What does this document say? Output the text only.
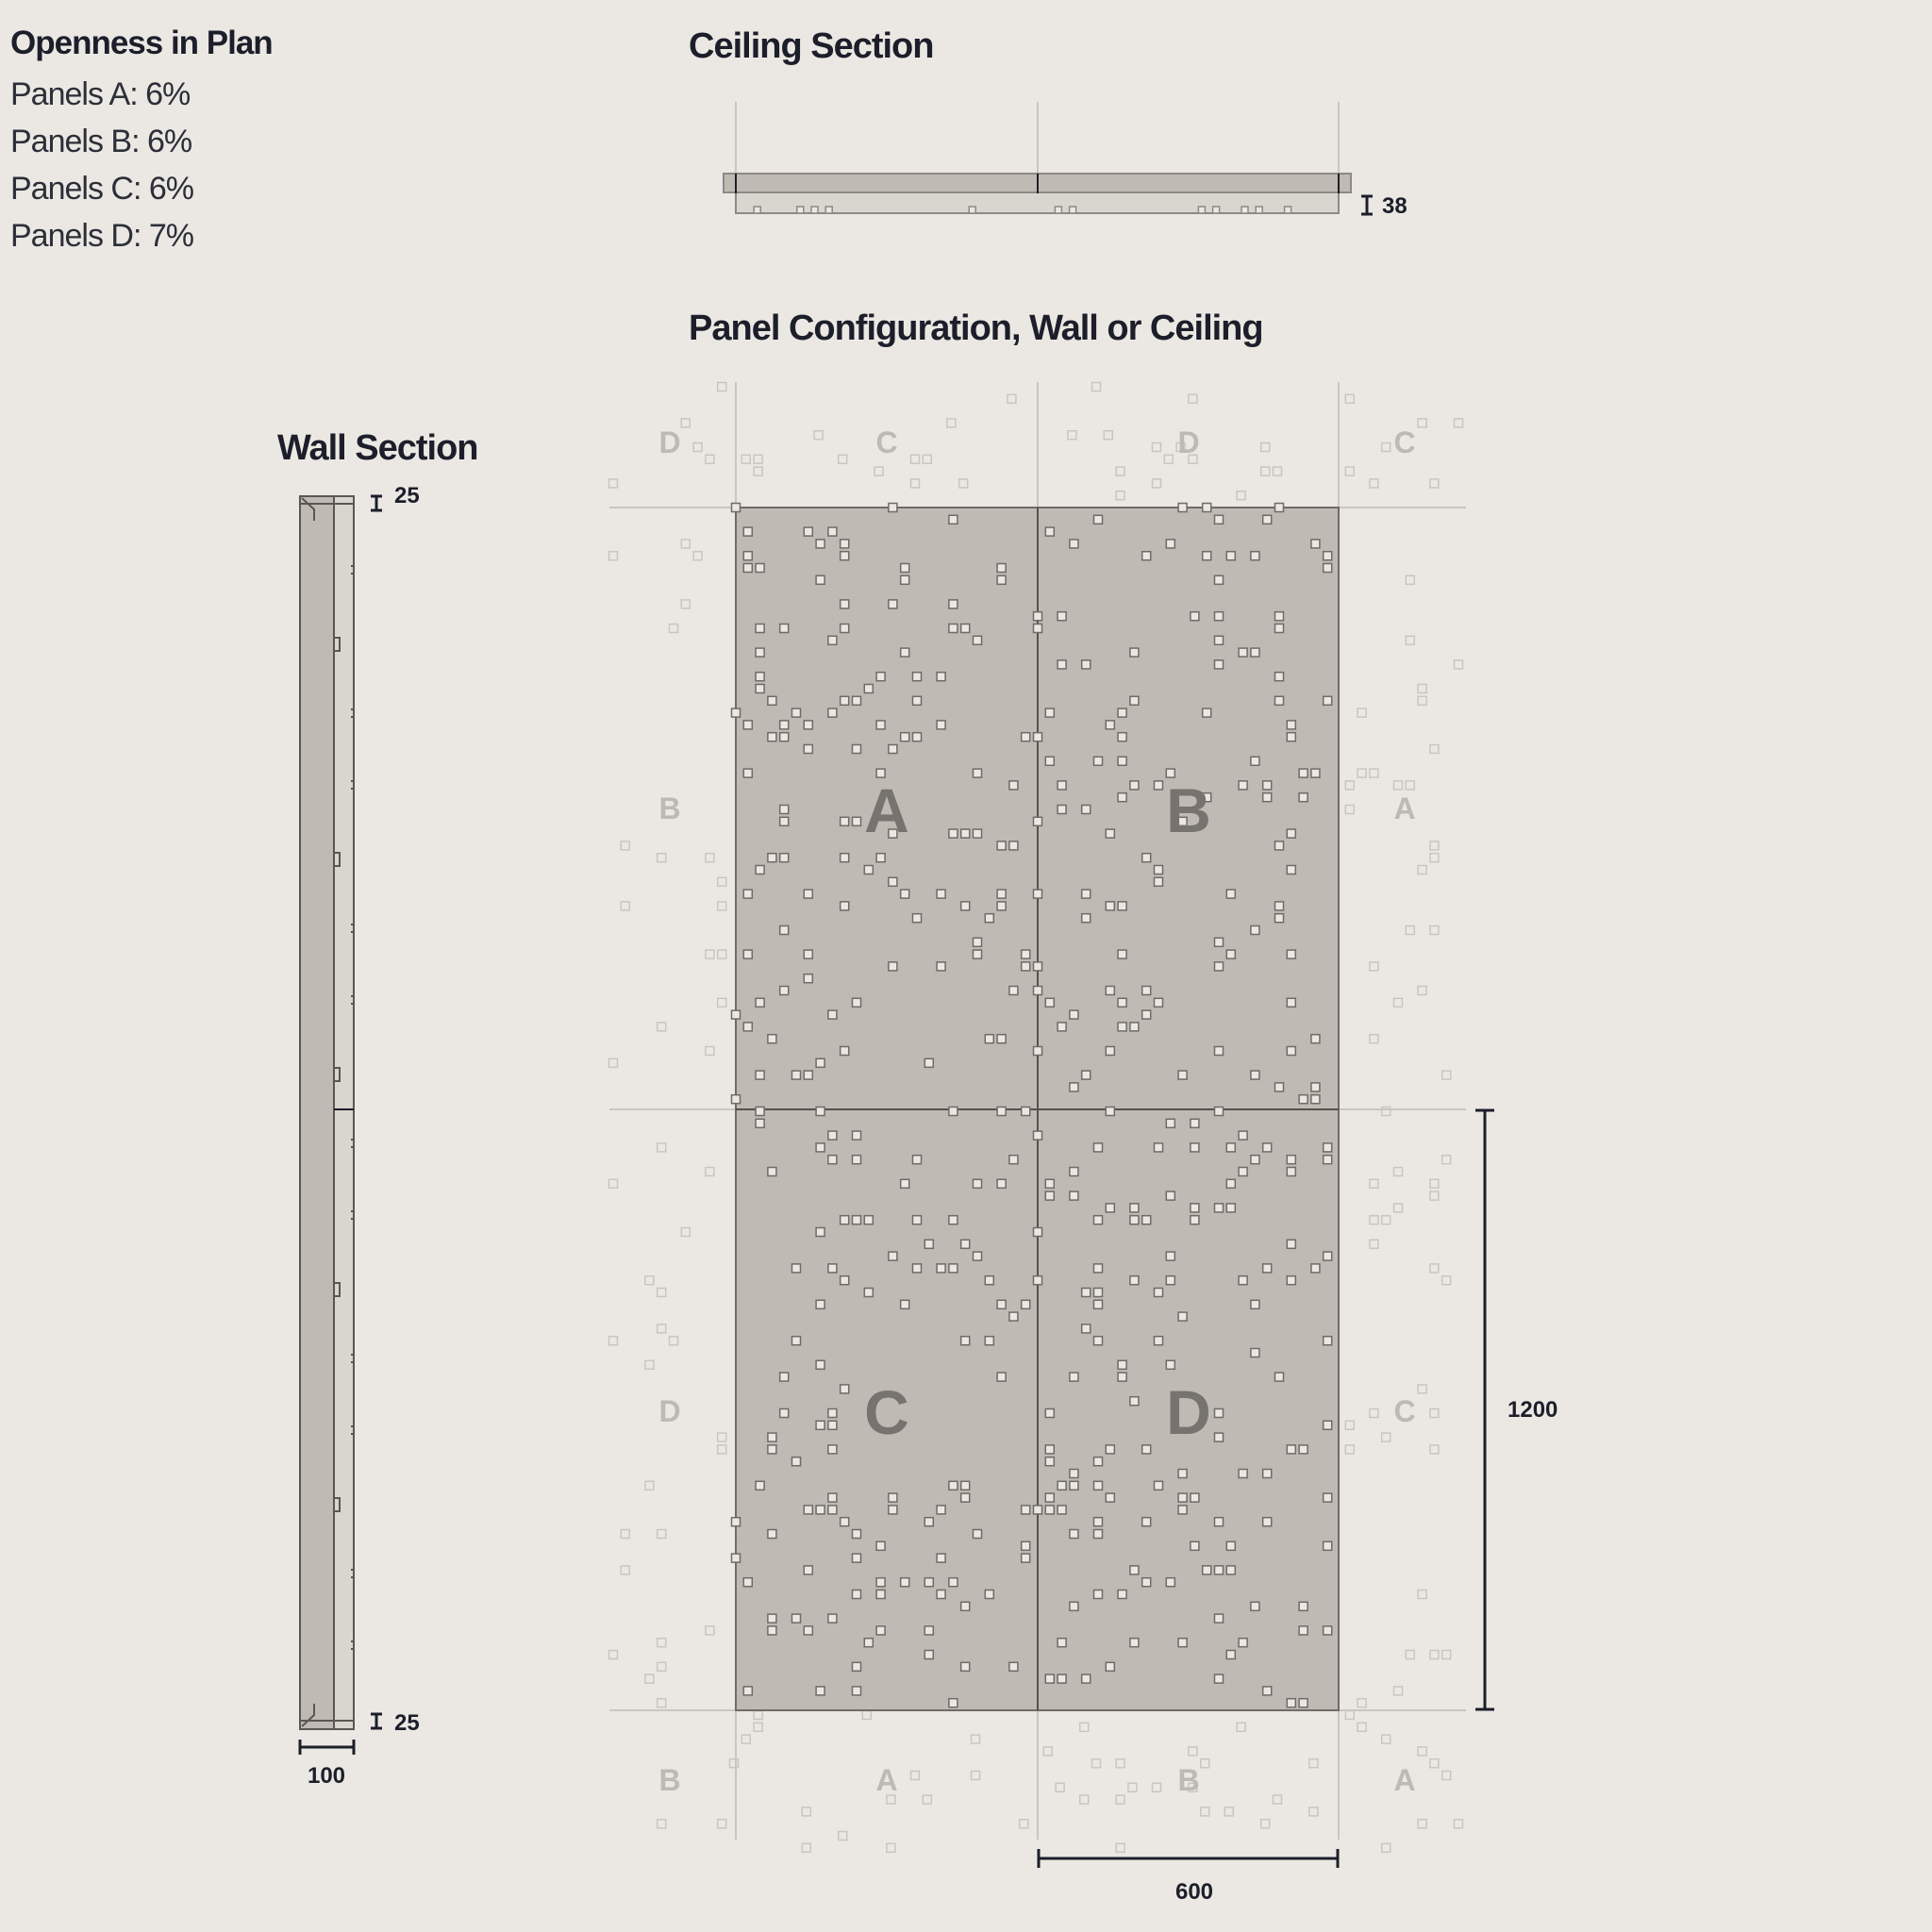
Openness in Plan
Panels A: 6%
Panels B: 6%
Panels C: 6%
Panels D: 7%
Ceiling Section
Panel Configuration, Wall or Ceiling
Wall Section	D	C	D	C
B	A
D	C
B	A	B	A
A	B
C	D
600
1200
38
25
25
100
